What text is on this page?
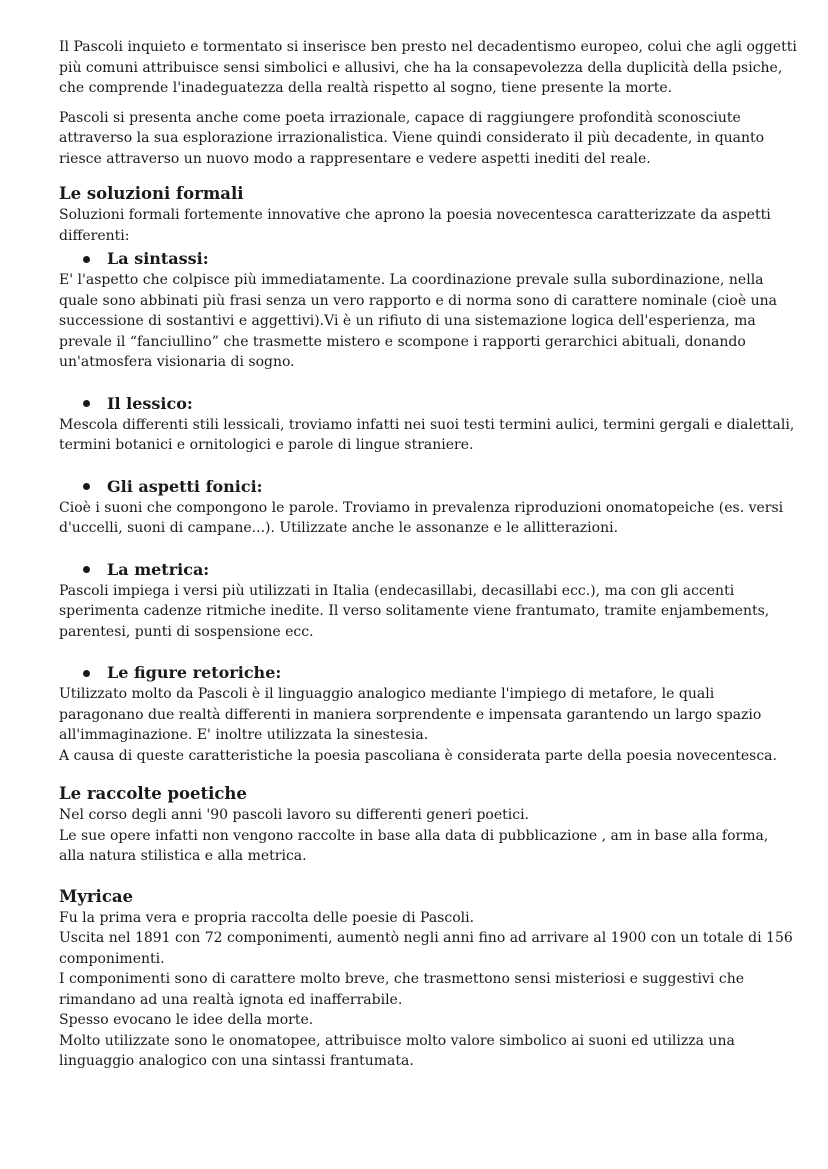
Il Pascoli inquieto e tormentato si inserisce ben presto nel decadentismo europeo, colui che agli oggetti più comuni attribuisce sensi simbolici e allusivi, che ha la consapevolezza della duplicità della psiche, che comprende l'inadeguatezza della realtà rispetto al sogno, tiene presente la morte.

Pascoli si presenta anche come poeta irrazionale, capace di raggiungere profondità sconosciute attraverso la sua esplorazione irrazionalistica. Viene quindi considerato il più decadente, in quanto riesce attraverso un nuovo modo a rappresentare e vedere aspetti inediti del reale.

Le soluzioni formali

Soluzioni formali fortemente innovative che aprono la poesia novecentesca caratterizzate da aspetti differenti:

La sintassi:

E' l'aspetto che colpisce più immediatamente. La coordinazione prevale sulla subordinazione, nella quale sono abbinati più frasi senza un vero rapporto e di norma sono di carattere nominale (cioè una successione di sostantivi e aggettivi).Vi è un rifiuto di una sistemazione logica dell'esperienza, ma prevale il “fanciullino” che trasmette mistero e scompone i rapporti gerarchici abituali, donando un'atmosfera visionaria di sogno.

Il lessico:

Mescola differenti stili lessicali, troviamo infatti nei suoi testi termini aulici, termini gergali e dialettali, termini botanici e ornitologici e parole di lingue straniere.

Gli aspetti fonici:

Cioè i suoni che compongono le parole. Troviamo in prevalenza riproduzioni onomatopeiche (es. versi d'uccelli, suoni di campane...). Utilizzate anche le assonanze e le allitterazioni.

La metrica:

Pascoli impiega i versi più utilizzati in Italia (endecasillabi, decasillabi ecc.), ma con gli accenti sperimenta cadenze ritmiche inedite. Il verso solitamente viene frantumato, tramite enjambements, parentesi, punti di sospensione ecc.

Le figure retoriche:

Utilizzato molto da Pascoli è il linguaggio analogico mediante l'impiego di metafore, le quali paragonano due realtà differenti in maniera sorprendente e impensata garantendo un largo spazio all'immaginazione. E' inoltre utilizzata la sinestesia.

A causa di queste caratteristiche la poesia pascoliana è considerata parte della poesia novecentesca.

Le raccolte poetiche

Nel corso degli anni '90 pascoli lavoro su differenti generi poetici.

Le sue opere infatti non vengono raccolte in base alla data di pubblicazione , am in base alla forma, alla natura stilistica e alla metrica.

Myricae

Fu la prima vera e propria raccolta delle poesie di Pascoli.

Uscita nel 1891 con 72 componimenti, aumentò negli anni fino ad arrivare al 1900 con un totale di 156 componimenti.

I componimenti sono di carattere molto breve, che trasmettono sensi misteriosi e suggestivi che rimandano ad una realtà ignota ed inafferrabile.

Spesso evocano le idee della morte.

Molto utilizzate sono le onomatopee, attribuisce molto valore simbolico ai suoni ed utilizza una linguaggio analogico con una sintassi frantumata.
